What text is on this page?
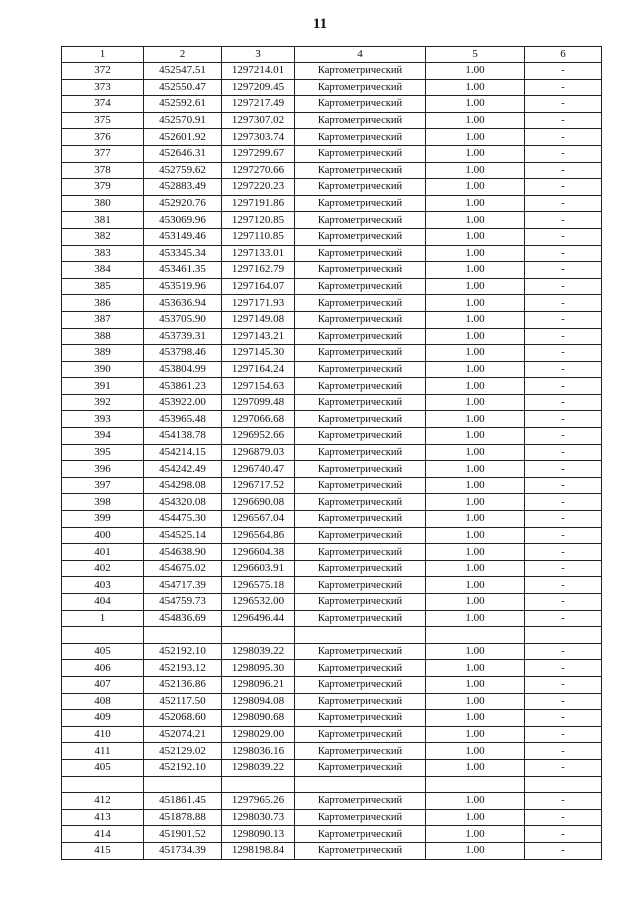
11
1	2	3	4	5	6
372	452547.51	1297214.01	Картометрический	1.00	-
373	452550.47	1297209.45	Картометрический	1.00	-
374	452592.61	1297217.49	Картометрический	1.00	-
375	452570.91	1297307.02	Картометрический	1.00	-
376	452601.92	1297303.74	Картометрический	1.00	-
377	452646.31	1297299.67	Картометрический	1.00	-
378	452759.62	1297270.66	Картометрический	1.00	-
379	452883.49	1297220.23	Картометрический	1.00	-
380	452920.76	1297191.86	Картометрический	1.00	-
381	453069.96	1297120.85	Картометрический	1.00	-
382	453149.46	1297110.85	Картометрический	1.00	-
383	453345.34	1297133.01	Картометрический	1.00	-
384	453461.35	1297162.79	Картометрический	1.00	-
385	453519.96	1297164.07	Картометрический	1.00	-
386	453636.94	1297171.93	Картометрический	1.00	-
387	453705.90	1297149.08	Картометрический	1.00	-
388	453739.31	1297143.21	Картометрический	1.00	-
389	453798.46	1297145.30	Картометрический	1.00	-
390	453804.99	1297164.24	Картометрический	1.00	-
391	453861.23	1297154.63	Картометрический	1.00	-
392	453922.00	1297099.48	Картометрический	1.00	-
393	453965.48	1297066.68	Картометрический	1.00	-
394	454138.78	1296952.66	Картометрический	1.00	-
395	454214.15	1296879.03	Картометрический	1.00	-
396	454242.49	1296740.47	Картометрический	1.00	-
397	454298.08	1296717.52	Картометрический	1.00	-
398	454320.08	1296690.08	Картометрический	1.00	-
399	454475.30	1296567.04	Картометрический	1.00	-
400	454525.14	1296564.86	Картометрический	1.00	-
401	454638.90	1296604.38	Картометрический	1.00	-
402	454675.02	1296603.91	Картометрический	1.00	-
403	454717.39	1296575.18	Картометрический	1.00	-
404	454759.73	1296532.00	Картометрический	1.00	-
1	454836.69	1296496.44	Картометрический	1.00	-

405	452192.10	1298039.22	Картометрический	1.00	-
406	452193.12	1298095.30	Картометрический	1.00	-
407	452136.86	1298096.21	Картометрический	1.00	-
408	452117.50	1298094.08	Картометрический	1.00	-
409	452068.60	1298090.68	Картометрический	1.00	-
410	452074.21	1298029.00	Картометрический	1.00	-
411	452129.02	1298036.16	Картометрический	1.00	-
405	452192.10	1298039.22	Картометрический	1.00	-

412	451861.45	1297965.26	Картометрический	1.00	-
413	451878.88	1298030.73	Картометрический	1.00	-
414	451901.52	1298090.13	Картометрический	1.00	-
415	451734.39	1298198.84	Картометрический	1.00	-
